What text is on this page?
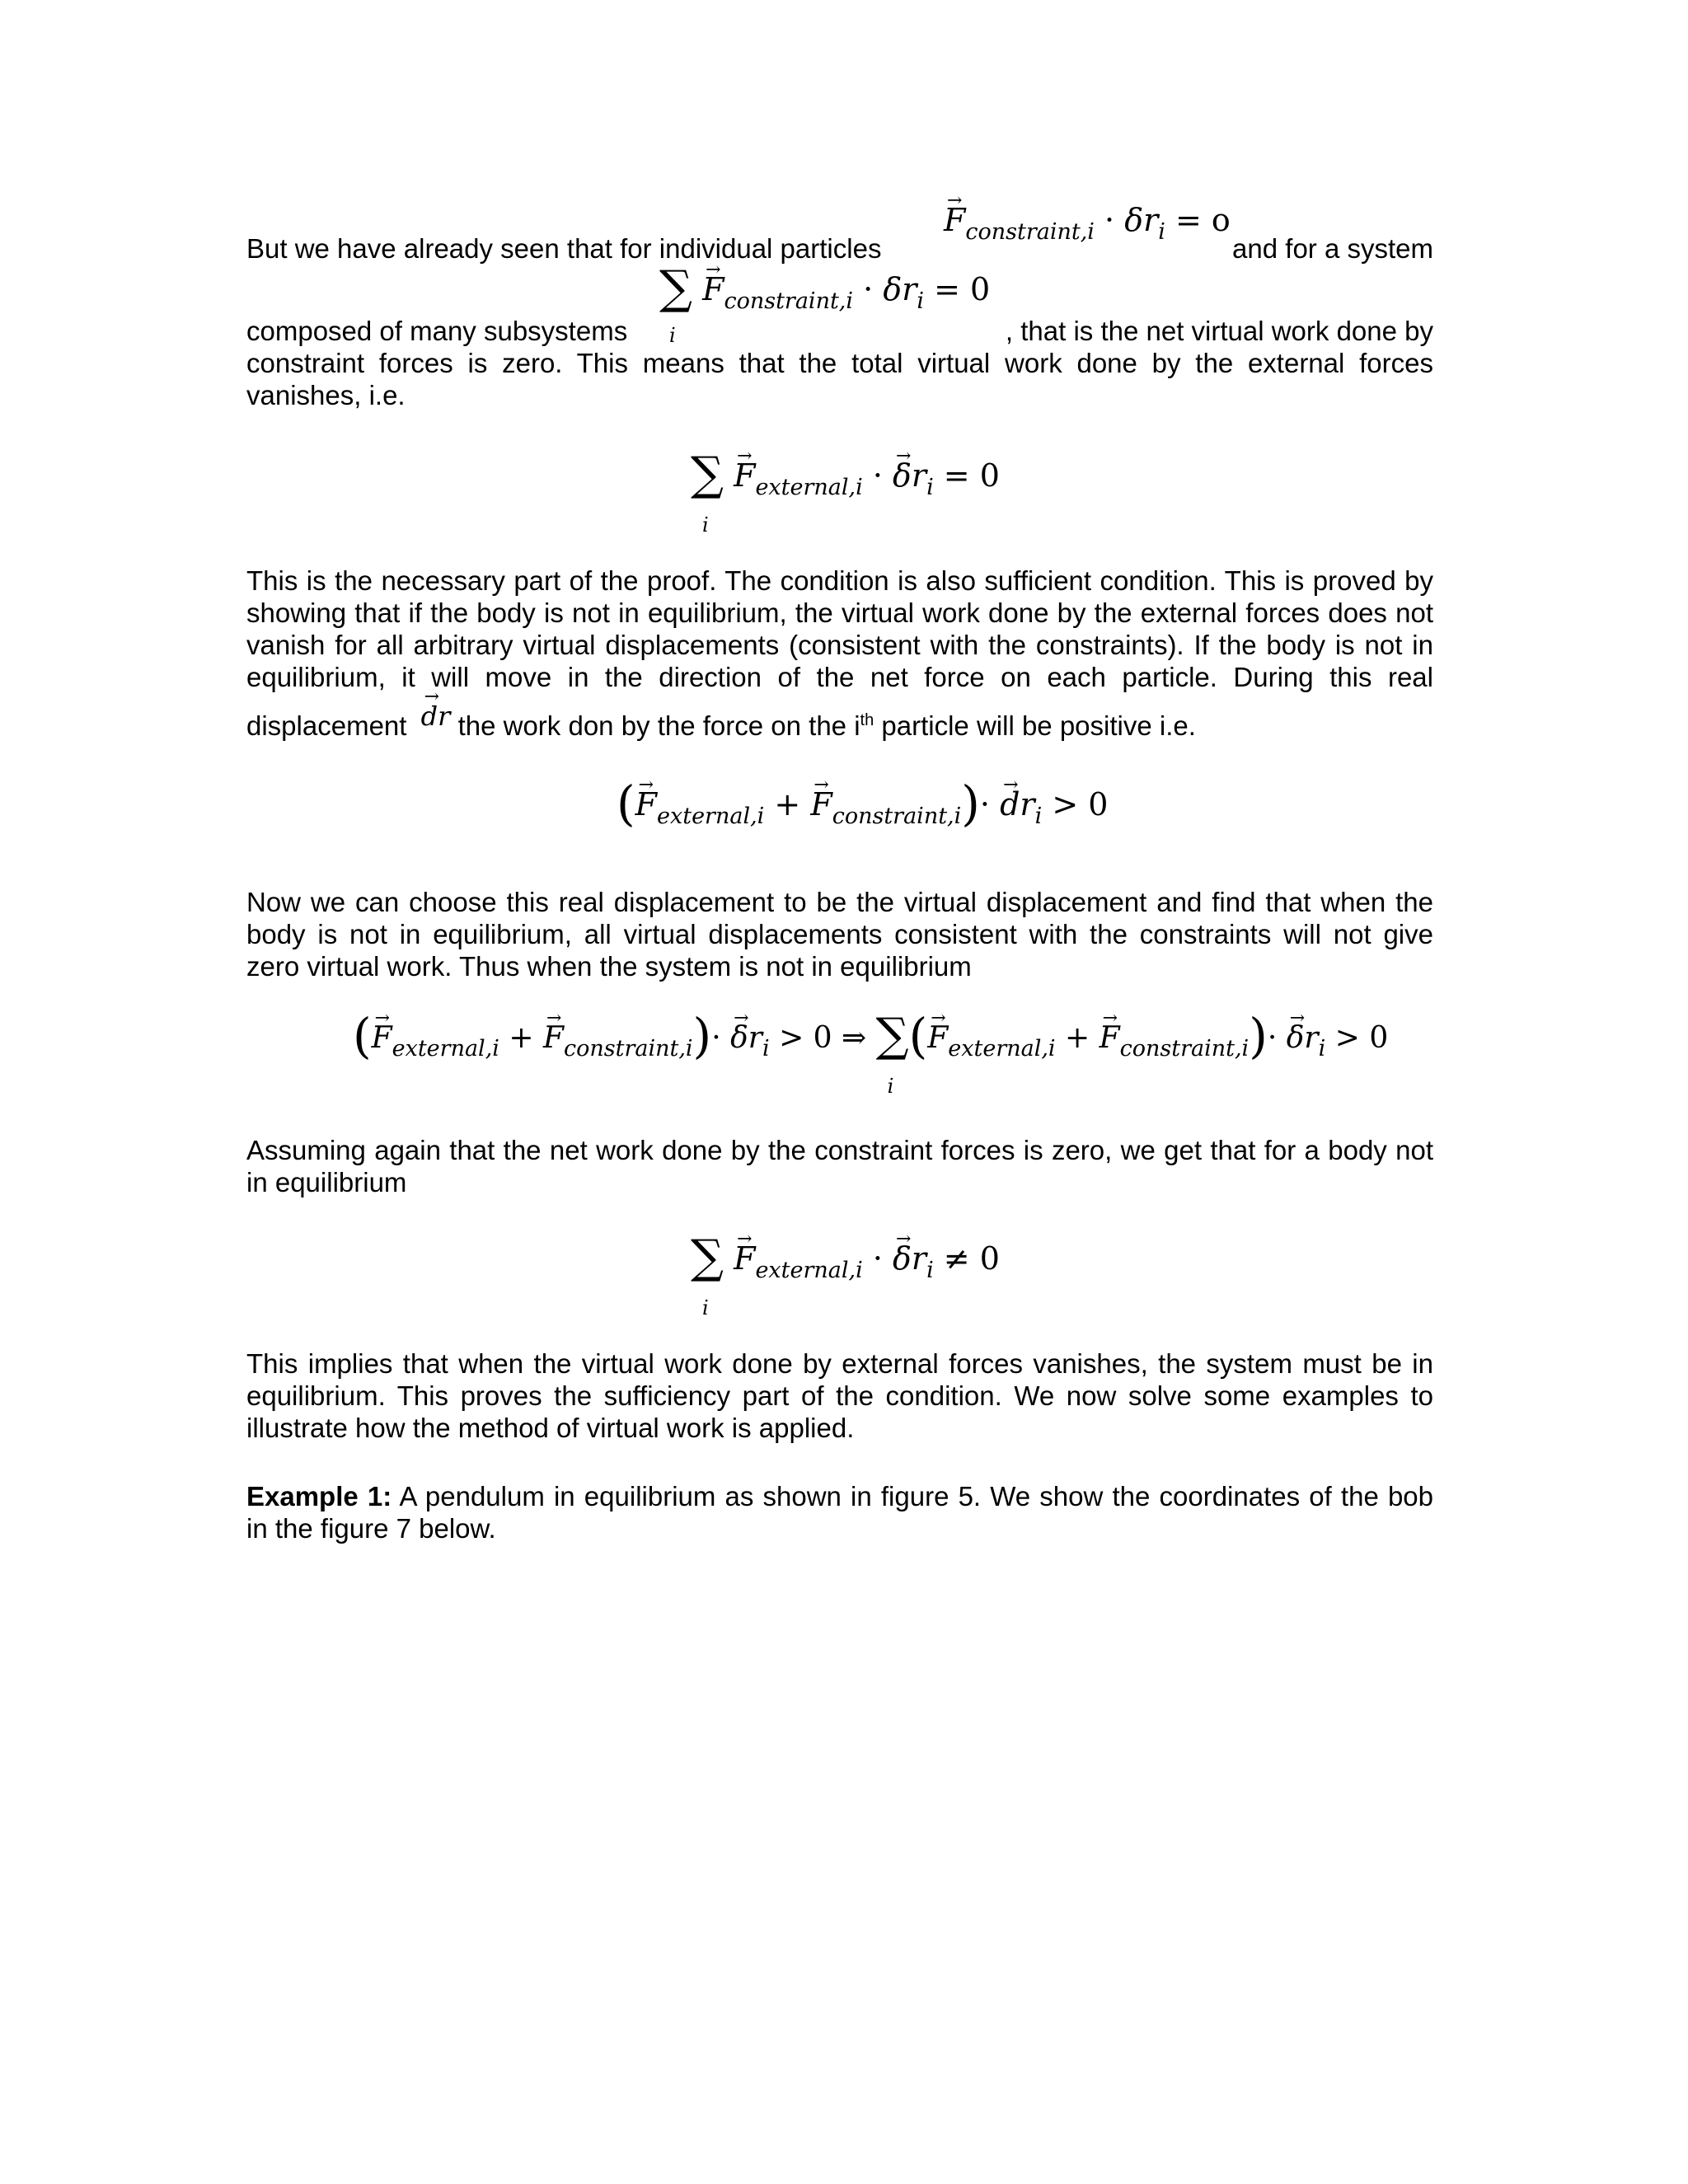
But we have already seen that for individual particles	and for a system
composed of many subsystems	, that is the net virtual work done by
constraint forces is zero. This means that the total virtual work done by the external forces
vanishes, i.e.
→ $F_{constraint,i} \cdot \delta r_i = o$
∑
i
→ $F_{constraint,i} \cdot \delta r_i = 0$
∑
i
→ $F_{external,i}$ · → $\delta r_i = 0$
This is the necessary part of the proof. The condition is also sufficient condition. This is proved by
showing that if the body is not in equilibrium, the virtual work done by the external forces does not
vanish for all arbitrary virtual displacements (consistent with the constraints). If the body is not in
equilibrium, it will move in the direction of the net force on each particle. During this real
displacement → dr the work don by the force on the $i^{th}$ particle will be positive i.e.
(→ $F_{external,i}$ + → $F_{constraint,i})\cdot \to dr_i > 0$
Now we can choose this real displacement to be the virtual displacement and find that when the
body is not in equilibrium, all virtual displacements consistent with the constraints will not give
zero virtual work. Thus when the system is not in equilibrium
(→ $F_{external,i}$ + → $F_{constraint,i})\cdot \to \delta r_i > 0$ ⇒ ∑
i
(→ $F_{external,i}$ + → $F_{constraint,i})\cdot \to \delta r_i > 0$
Assuming again that the net work done by the constraint forces is zero, we get that for a body not
in equilibrium
∑
i
→ $F_{external,i}$ · → $\delta r_i \ne 0$
This implies that when the virtual work done by external forces vanishes, the system must be in
equilibrium. This proves the sufficiency part of the condition. We now solve some examples to
illustrate how the method of virtual work is applied.
Example 1: A pendulum in equilibrium as shown in figure 5. We show the coordinates of the bob
in the figure 7 below.
